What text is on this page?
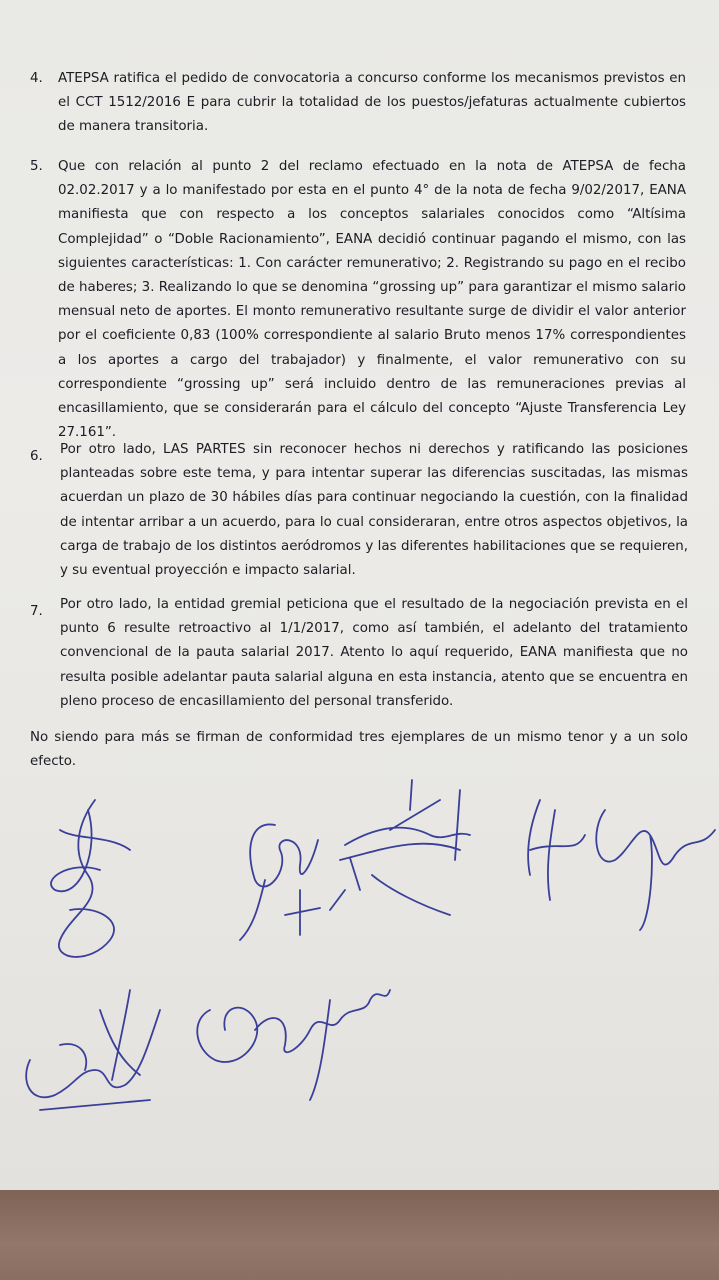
4. ATEPSA ratifica el pedido de convocatoria a concurso conforme los mecanismos previstos en el CCT 1512/2016 E para cubrir la totalidad de los puestos/jefaturas actualmente cubiertos de manera transitoria.

5. Que con relación al punto 2 del reclamo efectuado en la nota de ATEPSA de fecha 02.02.2017 y a lo manifestado por esta en el punto 4° de la nota de fecha 9/02/2017, EANA manifiesta que con respecto a los conceptos salariales conocidos como “Altísima Complejidad” o “Doble Racionamiento”, EANA decidió continuar pagando el mismo, con las siguientes características: 1. Con carácter remunerativo; 2. Registrando su pago en el recibo de haberes; 3. Realizando lo que se denomina “grossing up” para garantizar el mismo salario mensual neto de aportes. El monto remunerativo resultante surge de dividir el valor anterior por el coeficiente 0,83 (100% correspondiente al salario Bruto menos 17% correspondientes a los aportes a cargo del trabajador) y finalmente, el valor remunerativo con su correspondiente “grossing up” será incluido dentro de las remuneraciones previas al encasillamiento, que se considerarán para el cálculo del concepto “Ajuste Transferencia Ley 27.161”.

6. Por otro lado, LAS PARTES sin reconocer hechos ni derechos y ratificando las posiciones planteadas sobre este tema, y para intentar superar las diferencias suscitadas, las mismas acuerdan un plazo de 30 hábiles días para continuar negociando la cuestión, con la finalidad de intentar arribar a un acuerdo, para lo cual consideraran, entre otros aspectos objetivos, la carga de trabajo de los distintos aeródromos y las diferentes habilitaciones que se requieren, y su eventual proyección e impacto salarial.

7. Por otro lado, la entidad gremial peticiona que el resultado de la negociación prevista en el punto 6 resulte retroactivo al 1/1/2017, como así también, el adelanto del tratamiento convencional de la pauta salarial 2017. Atento lo aquí requerido, EANA manifiesta que no resulta posible adelantar pauta salarial alguna en esta instancia, atento que se encuentra en pleno proceso de encasillamiento del personal transferido.

No siendo para más se firman de conformidad tres ejemplares de un mismo tenor y a un solo efecto.
